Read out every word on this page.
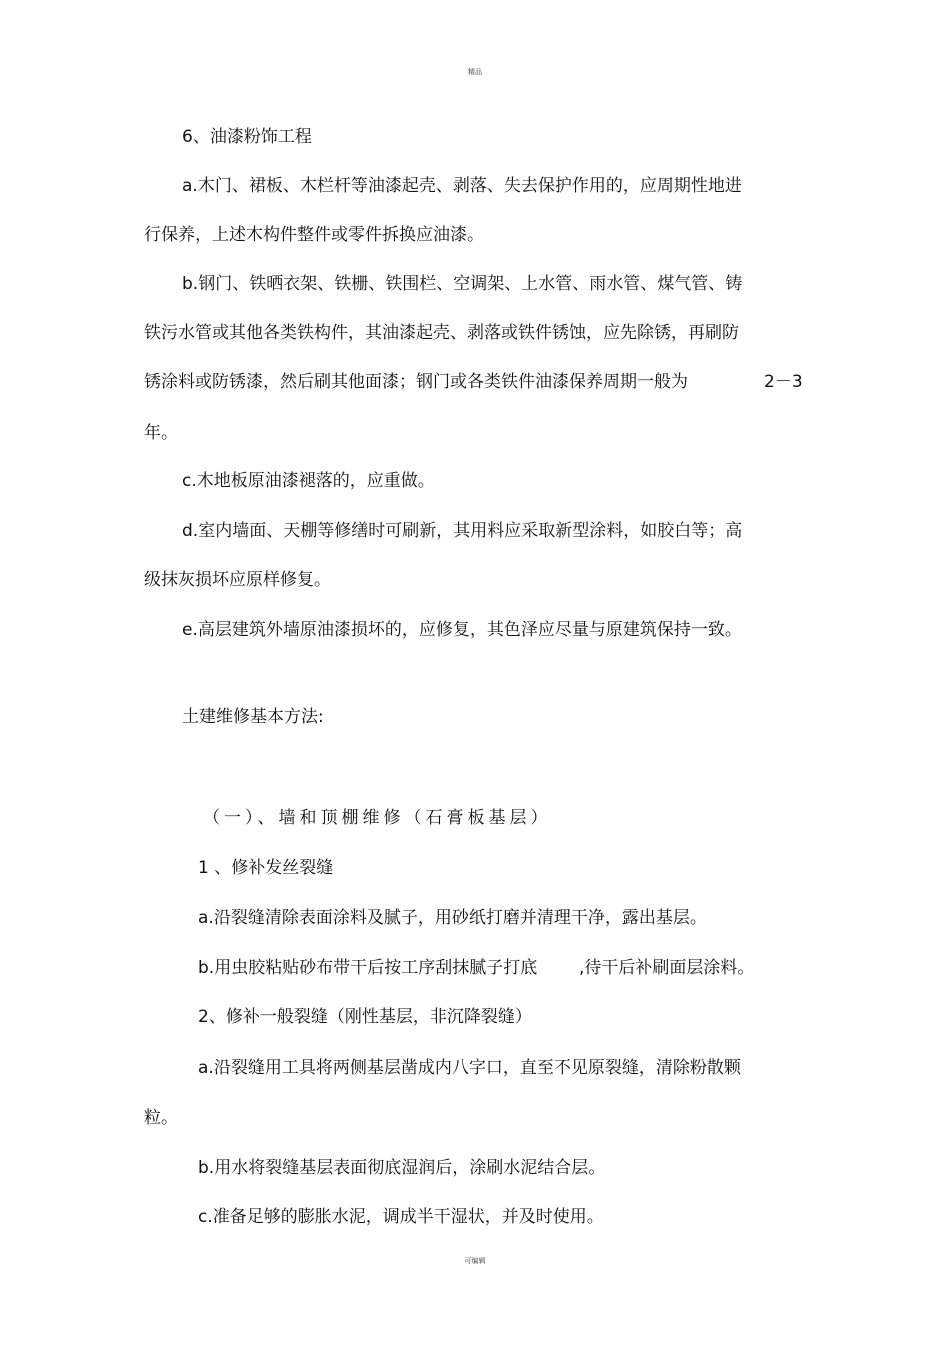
精品
6、油漆粉饰工程
a.木门、裙板、木栏杆等油漆起壳、剥落、失去保护作用的，应周期性地进
行保养，上述木构件整件或零件拆换应油漆。
b.钢门、铁晒衣架、铁栅、铁围栏、空调架、上水管、雨水管、煤气管、铸
铁污水管或其他各类铁构件，其油漆起壳、剥落或铁件锈蚀，应先除锈，再刷防
锈涂料或防锈漆，然后刷其他面漆；钢门或各类铁件油漆保养周期一般为	2－3
年。
c.木地板原油漆褪落的，应重做。
d.室内墙面、天棚等修缮时可刷新，其用料应采取新型涂料，如胶白等；高
级抹灰损坏应原样修复。
e.高层建筑外墙原油漆损坏的，应修复，其色泽应尽量与原建筑保持一致。
土建维修基本方法:
（一）、墙和顶棚维修（石膏板基层）
1 、修补发丝裂缝
a.沿裂缝清除表面涂料及腻子，用砂纸打磨并清理干净，露出基层。
b.用虫胶粘贴砂布带干后按工序刮抹腻子打底 ,待干后补刷面层涂料。
2、修补一般裂缝（刚性基层，非沉降裂缝）
a.沿裂缝用工具将两侧基层凿成内八字口，直至不见原裂缝，清除粉散颗
粒。
b.用水将裂缝基层表面彻底湿润后，涂刷水泥结合层。
c.准备足够的膨胀水泥，调成半干湿状，并及时使用。
可编辑
